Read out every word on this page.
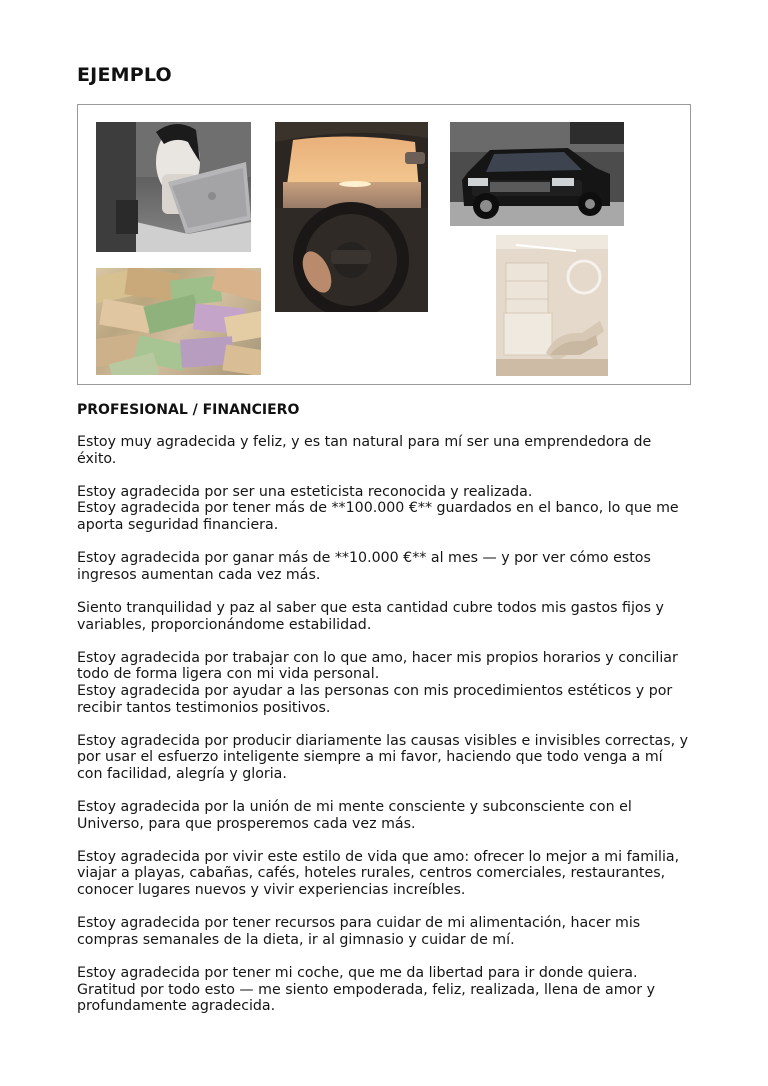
EJEMPLO
PROFESIONAL / FINANCIERO
Estoy muy agradecida y feliz, y es tan natural para mí ser una emprendedora de éxito.
Estoy agradecida por ser una esteticista reconocida y realizada.
Estoy agradecida por tener más de **100.000 €** guardados en el banco, lo que me aporta seguridad financiera.
Estoy agradecida por ganar más de **10.000 €** al mes — y por ver cómo estos ingresos aumentan cada vez más.
Siento tranquilidad y paz al saber que esta cantidad cubre todos mis gastos fijos y variables, proporcionándome estabilidad.
Estoy agradecida por trabajar con lo que amo, hacer mis propios horarios y conciliar todo de forma ligera con mi vida personal.
Estoy agradecida por ayudar a las personas con mis procedimientos estéticos y por recibir tantos testimonios positivos.
Estoy agradecida por producir diariamente las causas visibles e invisibles correctas, y por usar el esfuerzo inteligente siempre a mi favor, haciendo que todo venga a mí con facilidad, alegría y gloria.
Estoy agradecida por la unión de mi mente consciente y subconsciente con el Universo, para que prosperemos cada vez más.
Estoy agradecida por vivir este estilo de vida que amo: ofrecer lo mejor a mi familia, viajar a playas, cabañas, cafés, hoteles rurales, centros comerciales, restaurantes, conocer lugares nuevos y vivir experiencias increíbles.
Estoy agradecida por tener recursos para cuidar de mi alimentación, hacer mis compras semanales de la dieta, ir al gimnasio y cuidar de mí.
Estoy agradecida por tener mi coche, que me da libertad para ir donde quiera.
Gratitud por todo esto — me siento empoderada, feliz, realizada, llena de amor y profundamente agradecida.
